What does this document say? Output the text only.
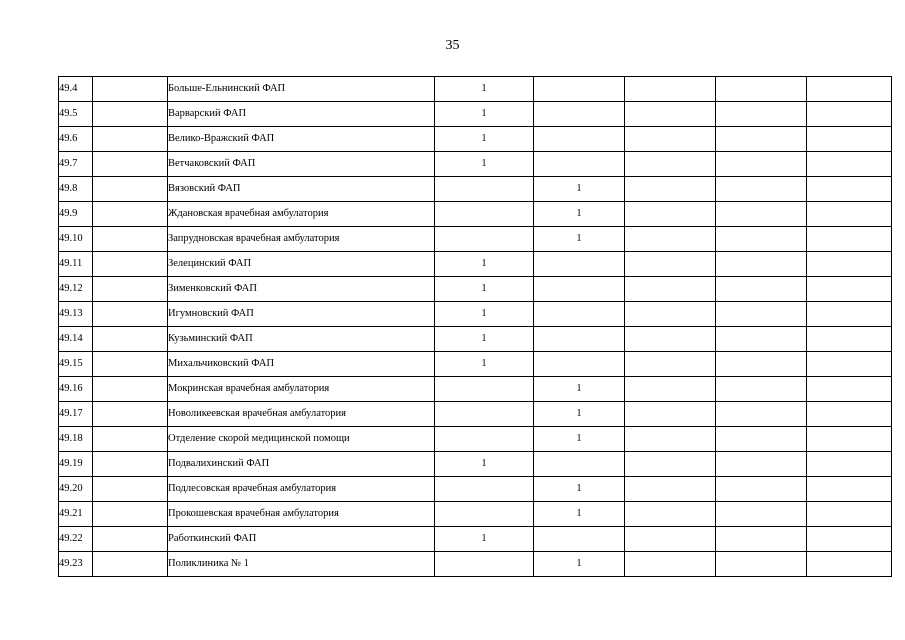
35
49.4		Больше-Ельнинский ФАП	1				
49.5		Варварский ФАП	1				
49.6		Велико-Вражский ФАП	1				
49.7		Ветчаковский ФАП	1				
49.8		Вязовский ФАП		1			
49.9		Ждановская врачебная амбулатория		1			
49.10		Запрудновская врачебная амбулатория		1			
49.11		Зелецинский ФАП	1				
49.12		Зименковский ФАП	1				
49.13		Игумновский ФАП	1				
49.14		Кузьминский ФАП	1				
49.15		Михальчиковский ФАП	1				
49.16		Мокринская врачебная амбулатория		1			
49.17		Новоликеевская врачебная амбулатория		1			
49.18		Отделение скорой медицинской помощи		1			
49.19		Подвалихинский ФАП	1				
49.20		Подлесовская врачебная амбулатория		1			
49.21		Прокошевская врачебная амбулатория		1			
49.22		Работкинский ФАП	1				
49.23		Поликлиника № 1		1			
